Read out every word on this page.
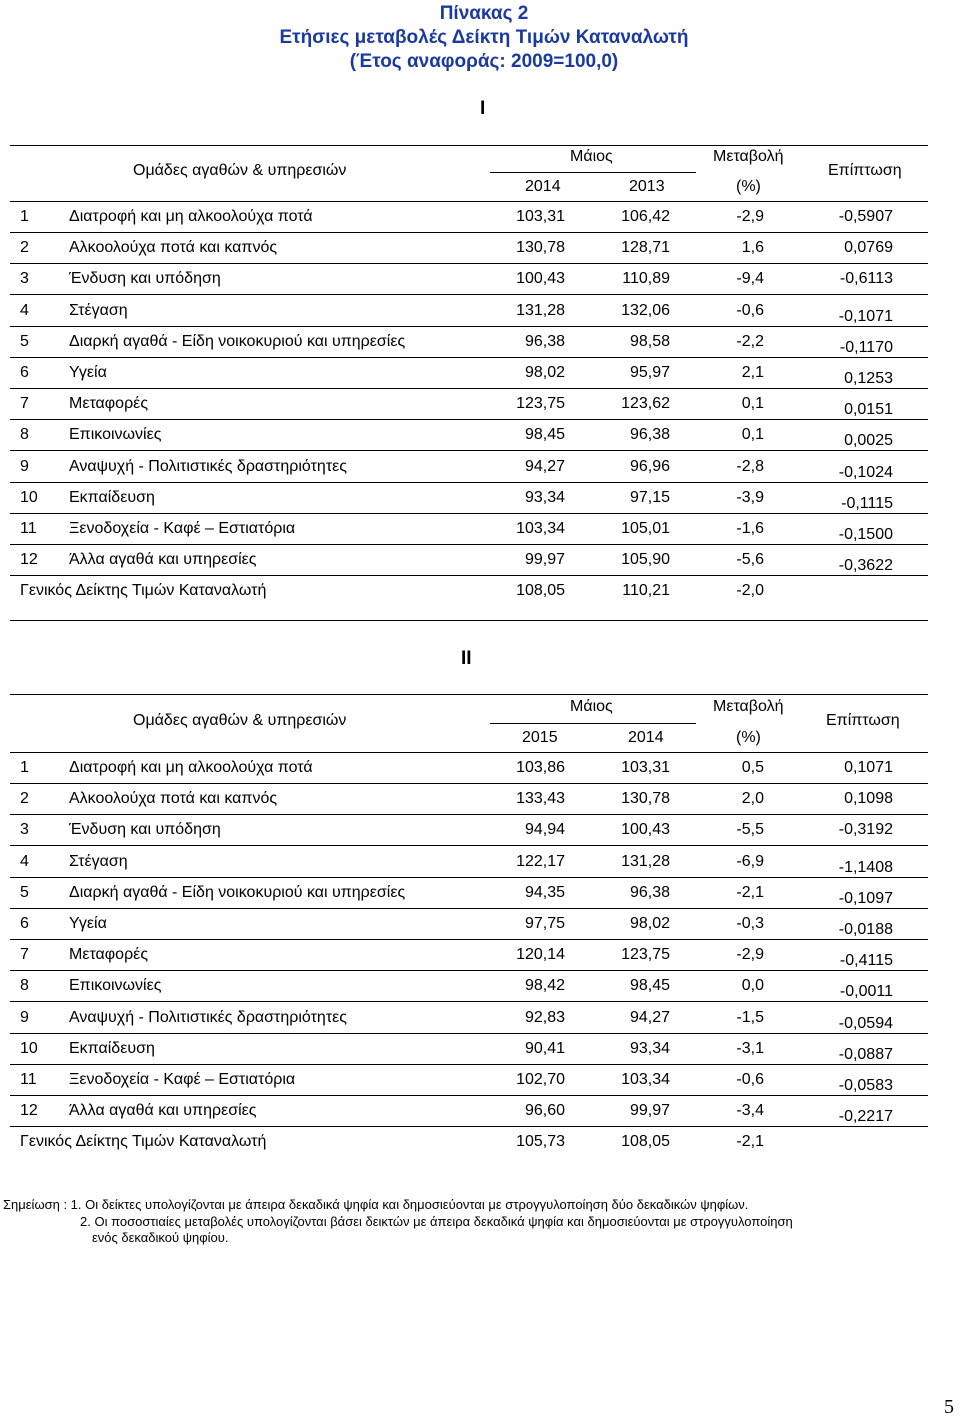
Πίνακας 2
Ετήσιες μεταβολές Δείκτη Τιμών Καταναλωτή
(Έτος αναφοράς: 2009=100,0)
I
Ομάδες αγαθών & υπηρεσιών
Μάιος
2014	2013
Μεταβολή
(%)
Επίπτωση
1	Διατροφή και μη αλκοολούχα ποτά	103,31	106,42	-2,9	-0,5907
2	Αλκοολούχα ποτά και καπνός	130,78	128,71	1,6	0,0769
3	Ένδυση και υπόδηση	100,43	110,89	-9,4	-0,6113
4	Στέγαση	131,28	132,06	-0,6	-0,1071
5	Διαρκή αγαθά - Είδη νοικοκυριού και υπηρεσίες	96,38	98,58	-2,2	-0,1170
6	Υγεία	98,02	95,97	2,1	0,1253
7	Μεταφορές	123,75	123,62	0,1	0,0151
8	Επικοινωνίες	98,45	96,38	0,1	0,0025
9	Αναψυχή - Πολιτιστικές δραστηριότητες	94,27	96,96	-2,8	-0,1024
10 Εκπαίδευση	93,34	97,15	-3,9	-0,1115
11 Ξενοδοχεία - Καφέ – Εστιατόρια	103,34	105,01	-1,6	-0,1500
12 Άλλα αγαθά και υπηρεσίες	99,97	105,90	-5,6	-0,3622
Γενικός Δείκτης Τιμών Καταναλωτή	108,05	110,21	-2,0
II
Ομάδες αγαθών & υπηρεσιών
Μάιος
2015	2014
Μεταβολή
(%)
Επίπτωση
1	Διατροφή και μη αλκοολούχα ποτά	103,86	103,31	0,5	0,1071
2	Αλκοολούχα ποτά και καπνός	133,43	130,78	2,0	0,1098
3	Ένδυση και υπόδηση	94,94	100,43	-5,5	-0,3192
4	Στέγαση	122,17	131,28	-6,9	-1,1408
5	Διαρκή αγαθά - Είδη νοικοκυριού και υπηρεσίες	94,35	96,38	-2,1	-0,1097
6	Υγεία	97,75	98,02	-0,3	-0,0188
7	Μεταφορές	120,14	123,75	-2,9	-0,4115
8	Επικοινωνίες	98,42	98,45	0,0	-0,0011
9	Αναψυχή - Πολιτιστικές δραστηριότητες	92,83	94,27	-1,5	-0,0594
10 Εκπαίδευση	90,41	93,34	-3,1	-0,0887
11 Ξενοδοχεία - Καφέ – Εστιατόρια	102,70	103,34	-0,6	-0,0583
12 Άλλα αγαθά και υπηρεσίες	96,60	99,97	-3,4	-0,2217
Γενικός Δείκτης Τιμών Καταναλωτή	105,73	108,05	-2,1
Σημείωση : 1. Οι δείκτες υπολογίζονται με άπειρα δεκαδικά ψηφία και δημοσιεύονται με στρογγυλοποίηση δύο δεκαδικών ψηφίων.
2. Οι ποσοστιαίες μεταβολές υπολογίζονται βάσει δεικτών με άπειρα δεκαδικά ψηφία και δημοσιεύονται με στρογγυλοποίηση
ενός δεκαδικού ψηφίου.
5
